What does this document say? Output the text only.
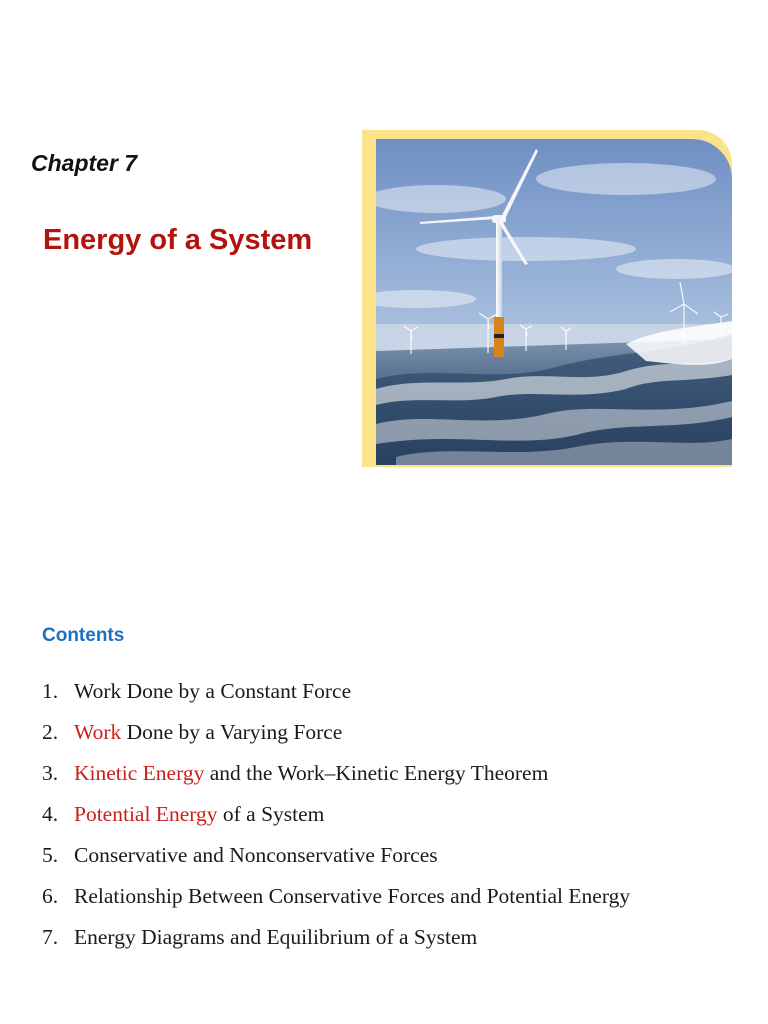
Chapter 7
Energy of a System
Contents
1. Work Done by a Constant Force
2. Work Done by a Varying Force
3. Kinetic Energy and the Work–Kinetic Energy Theorem
4. Potential Energy of a System
5. Conservative and Nonconservative Forces
6. Relationship Between Conservative Forces and Potential Energy
7. Energy Diagrams and Equilibrium of a System
